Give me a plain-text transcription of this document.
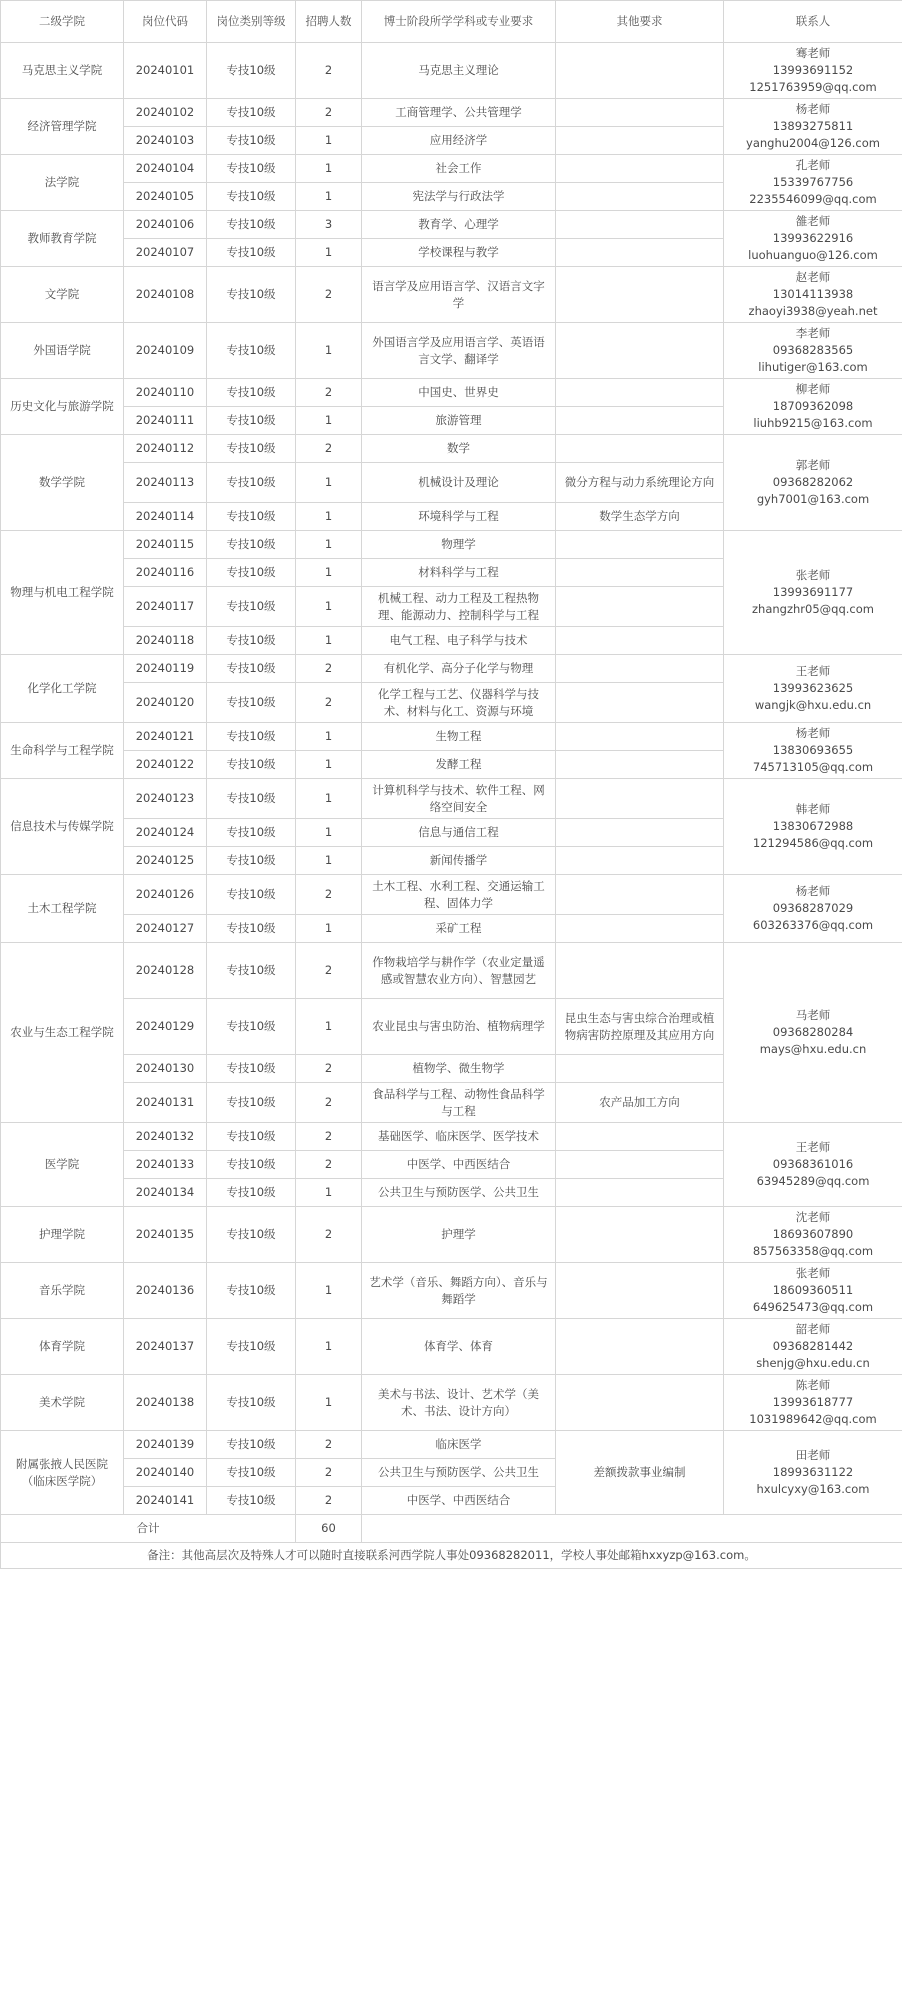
二级学院	岗位代码	岗位类别等级	招聘人数	博士阶段所学学科或专业要求	其他要求	联系人
马克思主义学院	20240101	专技10级	2	马克思主义理论		骞老师
13993691152
1251763959@qq.com

经济管理学院	20240102	专技10级	2	工商管理学、公共管理学		杨老师
13893275811
yanghu2004@126.com

	20240103	专技10级	1	应用经济学		
法学院	20240104	专技10级	1	社会工作		孔老师
15339767756
2235546099@qq.com

	20240105	专技10级	1	宪法学与行政法学		
教师教育学院	20240106	专技10级	3	教育学、心理学		雒老师
13993622916
luohuanguo@126.com

	20240107	专技10级	1	学校课程与教学		
文学院	20240108	专技10级	2	语言学及应用语言学、汉语言文字学		赵老师
13014113938
zhaoyi3938@yeah.net

外国语学院	20240109	专技10级	1	外国语言学及应用语言学、英语语言文学、翻译学		李老师
09368283565
lihutiger@163.com

历史文化与旅游学院	20240110	专技10级	2	中国史、世界史		柳老师
18709362098
liuhb9215@163.com

	20240111	专技10级	1	旅游管理		
数学学院	20240112	专技10级	2	数学		郭老师
09368282062
gyh7001@163.com

	20240113	专技10级	1	机械设计及理论	微分方程与动力系统理论方向	
	20240114	专技10级	1	环境科学与工程	数学生态学方向	
物理与机电工程学院	20240115	专技10级	1	物理学		张老师
13993691177
zhangzhr05@qq.com

	20240116	专技10级	1	材料科学与工程		
	20240117	专技10级	1	机械工程、动力工程及工程热物理、能源动力、控制科学与工程		
	20240118	专技10级	1	电气工程、电子科学与技术		
化学化工学院	20240119	专技10级	2	有机化学、高分子化学与物理		王老师
13993623625
wangjk@hxu.edu.cn

	20240120	专技10级	2	化学工程与工艺、仪器科学与技术、材料与化工、资源与环境		
生命科学与工程学院	20240121	专技10级	1	生物工程		杨老师
13830693655
745713105@qq.com

	20240122	专技10级	1	发酵工程		
信息技术与传媒学院	20240123	专技10级	1	计算机科学与技术、软件工程、网络空间安全		韩老师
13830672988
121294586@qq.com

	20240124	专技10级	1	信息与通信工程		
	20240125	专技10级	1	新闻传播学		
土木工程学院	20240126	专技10级	2	土木工程、水利工程、交通运输工程、固体力学		杨老师
09368287029
603263376@qq.com

	20240127	专技10级	1	采矿工程		
农业与生态工程学院	20240128	专技10级	2	作物栽培学与耕作学（农业定量遥感或智慧农业方向）、智慧园艺		马老师
09368280284
mays@hxu.edu.cn

	20240129	专技10级	1	农业昆虫与害虫防治、植物病理学	昆虫生态与害虫综合治理或植物病害防控原理及其应用方向	
	20240130	专技10级	2	植物学、微生物学		
	20240131	专技10级	2	食品科学与工程、动物性食品科学与工程	农产品加工方向	
医学院	20240132	专技10级	2	基础医学、临床医学、医学技术		王老师
09368361016
63945289@qq.com

	20240133	专技10级	2	中医学、中西医结合		
	20240134	专技10级	1	公共卫生与预防医学、公共卫生		
护理学院	20240135	专技10级	2	护理学		沈老师
18693607890
857563358@qq.com

音乐学院	20240136	专技10级	1	艺术学（音乐、舞蹈方向）、音乐与舞蹈学		张老师
18609360511
649625473@qq.com

体育学院	20240137	专技10级	1	体育学、体育		韶老师
09368281442
shenjg@hxu.edu.cn

美术学院	20240138	专技10级	1	美术与书法、设计、艺术学（美术、书法、设计方向）		陈老师
13993618777
1031989642@qq.com

附属张掖人民医院（临床医学院）	20240139	专技10级	2	临床医学	差额拨款事业编制	田老师
18993631122
hxulcyxy@163.com

	20240140	专技10级	2	公共卫生与预防医学、公共卫生		
	20240141	专技10级	2	中医学、中西医结合		
合计			60			
备注：其他高层次及特殊人才可以随时直接联系河西学院人事处09368282011，学校人事处邮箱hxxyzp@163.com。						
